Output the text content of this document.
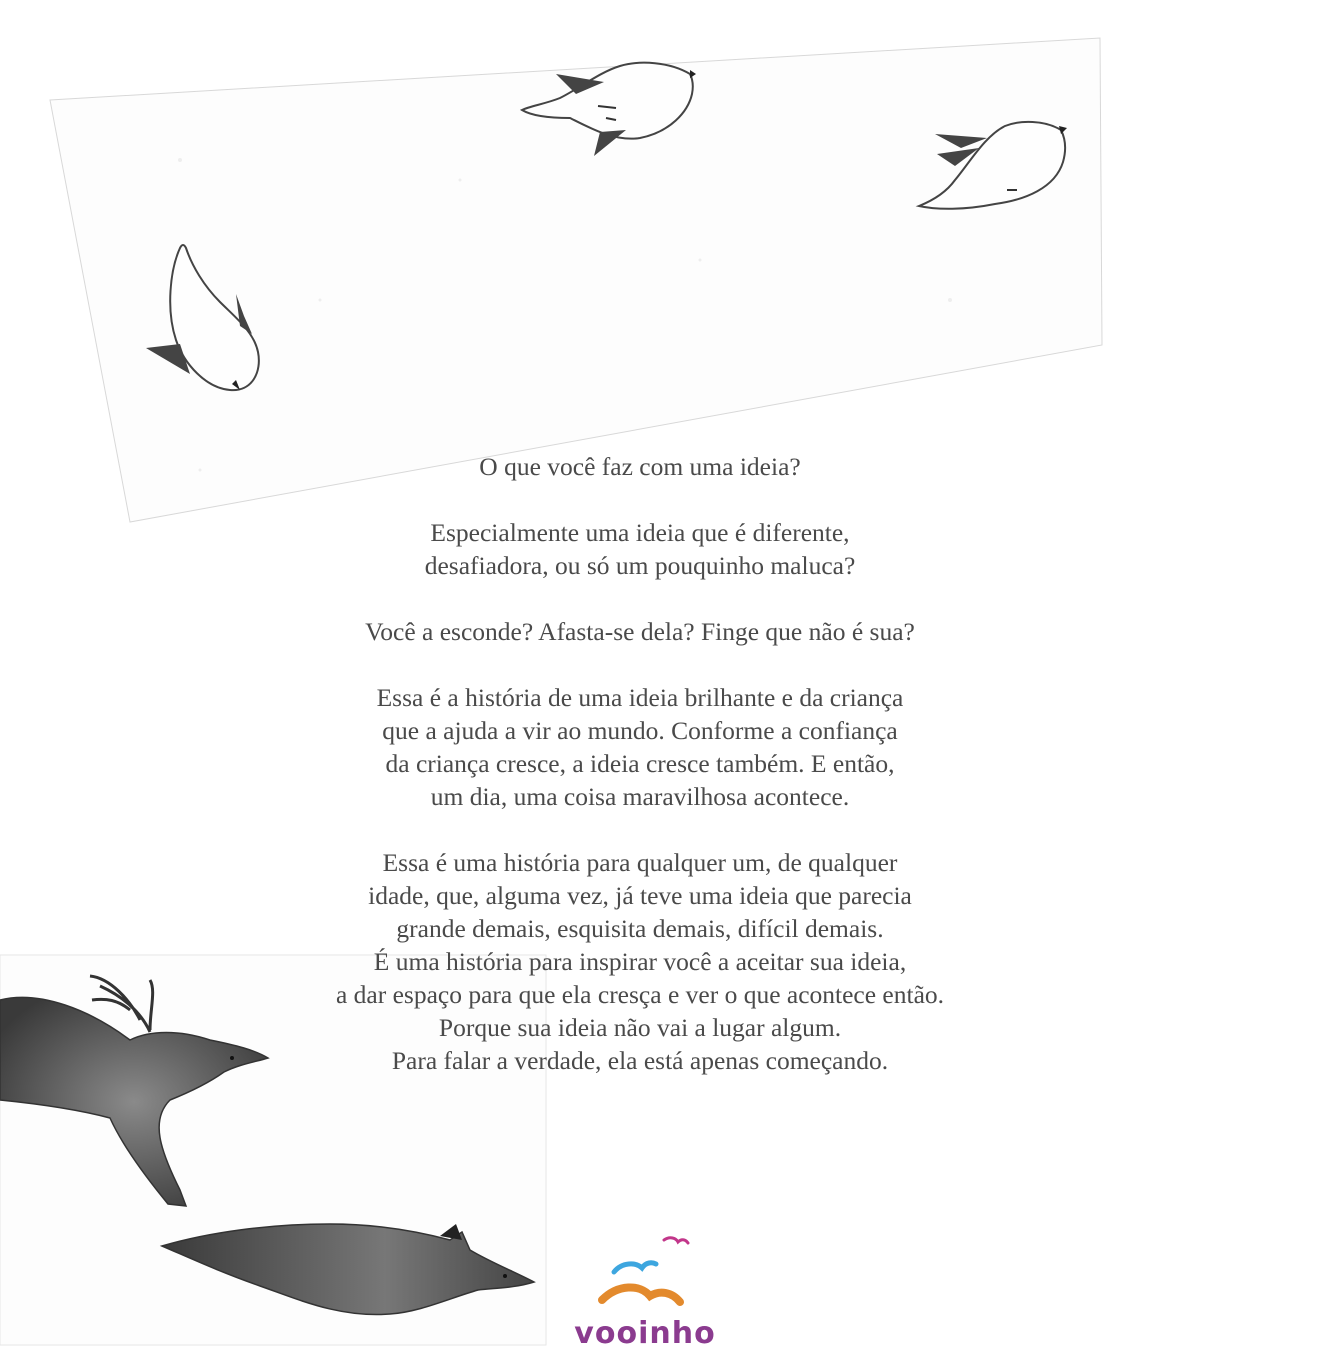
O que você faz com uma ideia?

Especialmente uma ideia que é diferente,
desafiadora, ou só um pouquinho maluca?

Você a esconde? Afasta-se dela? Finge que não é sua?

Essa é a história de uma ideia brilhante e da criança
que a ajuda a vir ao mundo. Conforme a confiança
da criança cresce, a ideia cresce também. E então,
um dia, uma coisa maravilhosa acontece.

Essa é uma história para qualquer um, de qualquer
idade, que, alguma vez, já teve uma ideia que parecia
grande demais, esquisita demais, difícil demais.
É uma história para inspirar você a aceitar sua ideia,
a dar espaço para que ela cresça e ver o que acontece então.
Porque sua ideia não vai a lugar algum.
Para falar a verdade, ela está apenas começando.

vooinho
